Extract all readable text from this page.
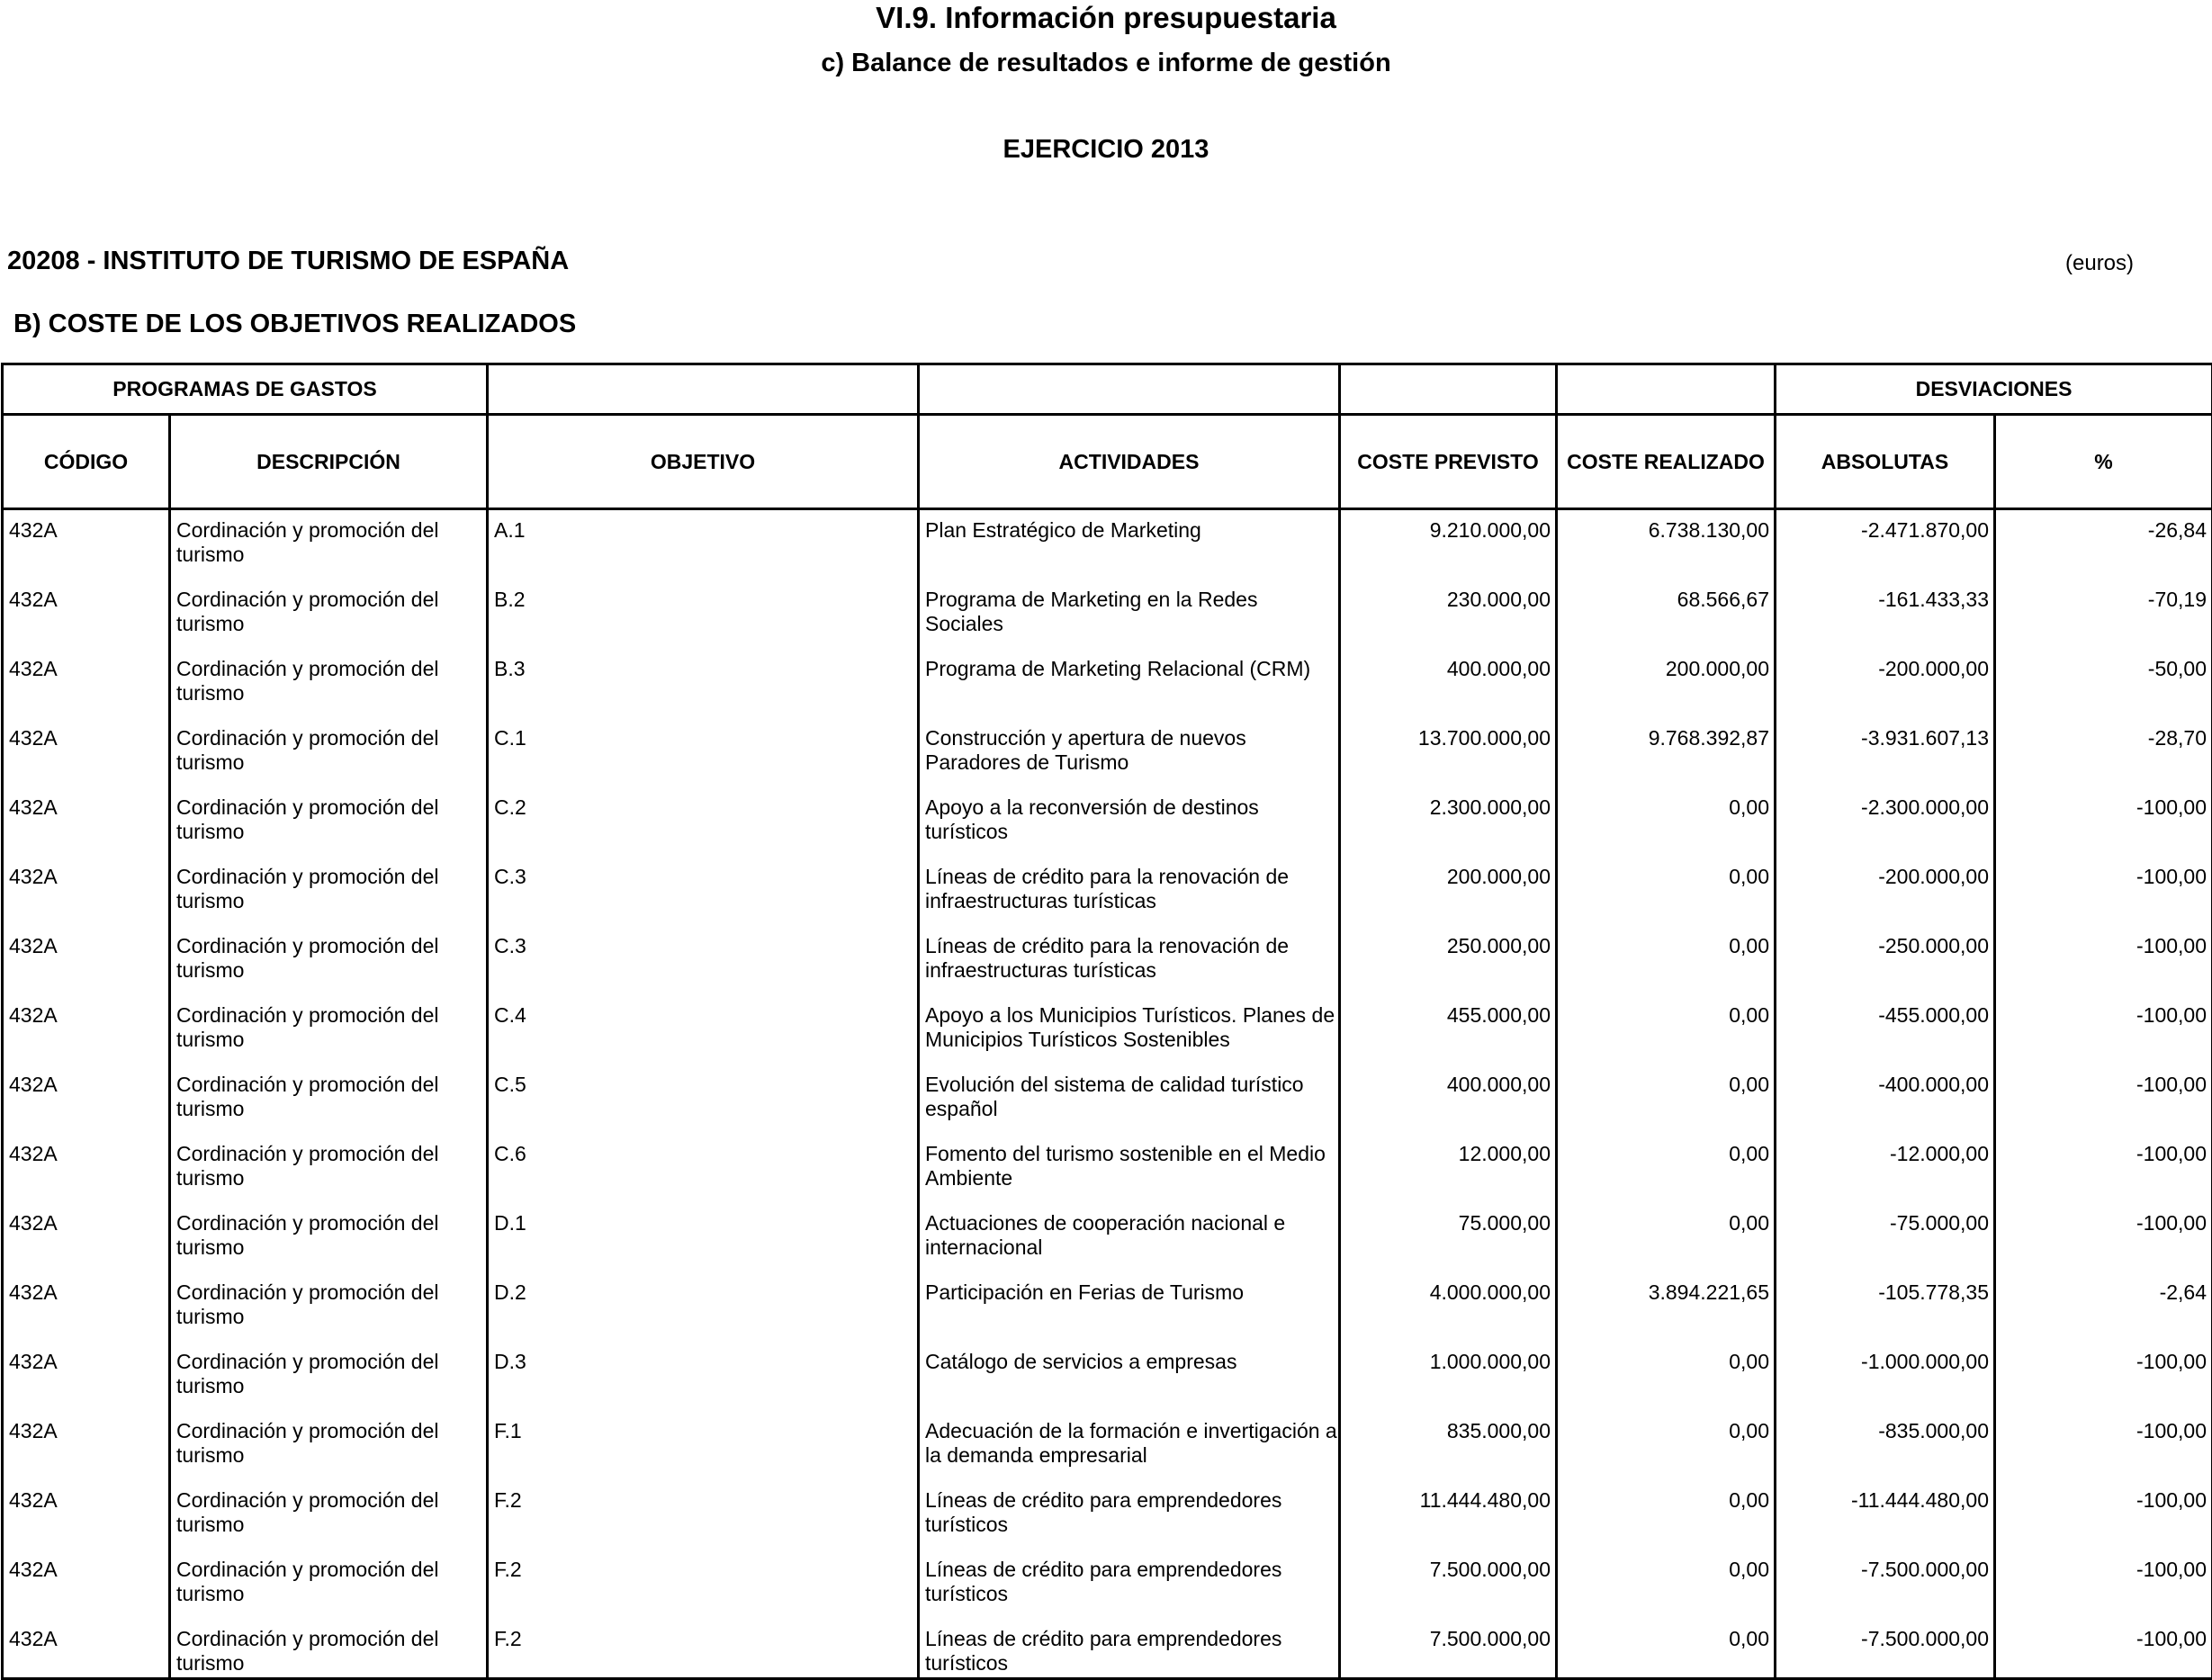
VI.9. Información presupuestaria
c) Balance de resultados e informe de gestión
EJERCICIO 2013
20208 - INSTITUTO DE TURISMO DE ESPAÑA	(euros)
B) COSTE DE LOS OBJETIVOS REALIZADOS
PROGRAMAS DE GASTOS						DESVIACIONES	
CÓDIGO	DESCRIPCIÓN	OBJETIVO	ACTIVIDADES	COSTE PREVISTO	COSTE REALIZADO	ABSOLUTAS	%
432A	Cordinación y promoción del turismo	A.1	Plan Estratégico de Marketing	9.210.000,00	6.738.130,00	-2.471.870,00	-26,84
432A	Cordinación y promoción del turismo	B.2	Programa de Marketing en la Redes Sociales	230.000,00	68.566,67	-161.433,33	-70,19
432A	Cordinación y promoción del turismo	B.3	Programa de Marketing Relacional (CRM)	400.000,00	200.000,00	-200.000,00	-50,00
432A	Cordinación y promoción del turismo	C.1	Construcción y apertura de nuevos Paradores de Turismo	13.700.000,00	9.768.392,87	-3.931.607,13	-28,70
432A	Cordinación y promoción del turismo	C.2	Apoyo a la reconversión de destinos turísticos	2.300.000,00	0,00	-2.300.000,00	-100,00
432A	Cordinación y promoción del turismo	C.3	Líneas de crédito para la renovación de infraestructuras turísticas	200.000,00	0,00	-200.000,00	-100,00
432A	Cordinación y promoción del turismo	C.3	Líneas de crédito para la renovación de infraestructuras turísticas	250.000,00	0,00	-250.000,00	-100,00
432A	Cordinación y promoción del turismo	C.4	Apoyo a los Municipios Turísticos. Planes de Municipios Turísticos Sostenibles	455.000,00	0,00	-455.000,00	-100,00
432A	Cordinación y promoción del turismo	C.5	Evolución del sistema de calidad turístico español	400.000,00	0,00	-400.000,00	-100,00
432A	Cordinación y promoción del turismo	C.6	Fomento del turismo sostenible en el Medio Ambiente	12.000,00	0,00	-12.000,00	-100,00
432A	Cordinación y promoción del turismo	D.1	Actuaciones de cooperación nacional e internacional	75.000,00	0,00	-75.000,00	-100,00
432A	Cordinación y promoción del turismo	D.2	Participación en Ferias de Turismo	4.000.000,00	3.894.221,65	-105.778,35	-2,64
432A	Cordinación y promoción del turismo	D.3	Catálogo de servicios a empresas	1.000.000,00	0,00	-1.000.000,00	-100,00
432A	Cordinación y promoción del turismo	F.1	Adecuación de la formación e invertigación a la demanda empresarial	835.000,00	0,00	-835.000,00	-100,00
432A	Cordinación y promoción del turismo	F.2	Líneas de crédito para emprendedores turísticos	11.444.480,00	0,00	-11.444.480,00	-100,00
432A	Cordinación y promoción del turismo	F.2	Líneas de crédito para emprendedores turísticos	7.500.000,00	0,00	-7.500.000,00	-100,00
432A	Cordinación y promoción del turismo	F.2	Líneas de crédito para emprendedores turísticos	7.500.000,00	0,00	-7.500.000,00	-100,00
